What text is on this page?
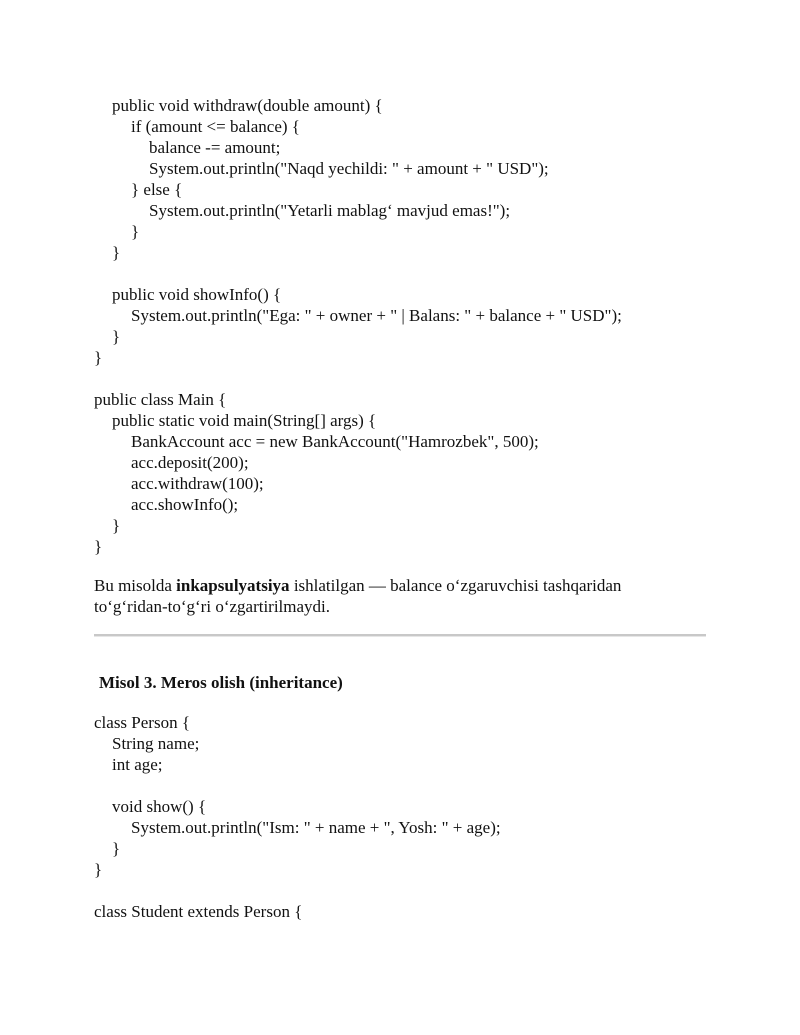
public void withdraw(double amount) {
if (amount <= balance) {
balance -= amount;
System.out.println("Naqd yechildi: " + amount + " USD");
} else {
System.out.println("Yetarli mablag‘ mavjud emas!");
}
}
public void showInfo() {
System.out.println("Ega: " + owner + " | Balans: " + balance + " USD");
}
}
public class Main {
public static void main(String[] args) {
BankAccount acc = new BankAccount("Hamrozbek", 500);
acc.deposit(200);
acc.withdraw(100);
acc.showInfo();
}
}
Bu misolda inkapsulyatsiya ishlatilgan — balance o‘zgaruvchisi tashqaridan
to‘g‘ridan-to‘g‘ri o‘zgartirilmaydi.
Misol 3. Meros olish (inheritance)
class Person {
String name;
int age;
void show() {
System.out.println("Ism: " + name + ", Yosh: " + age);
}
}
class Student extends Person {
